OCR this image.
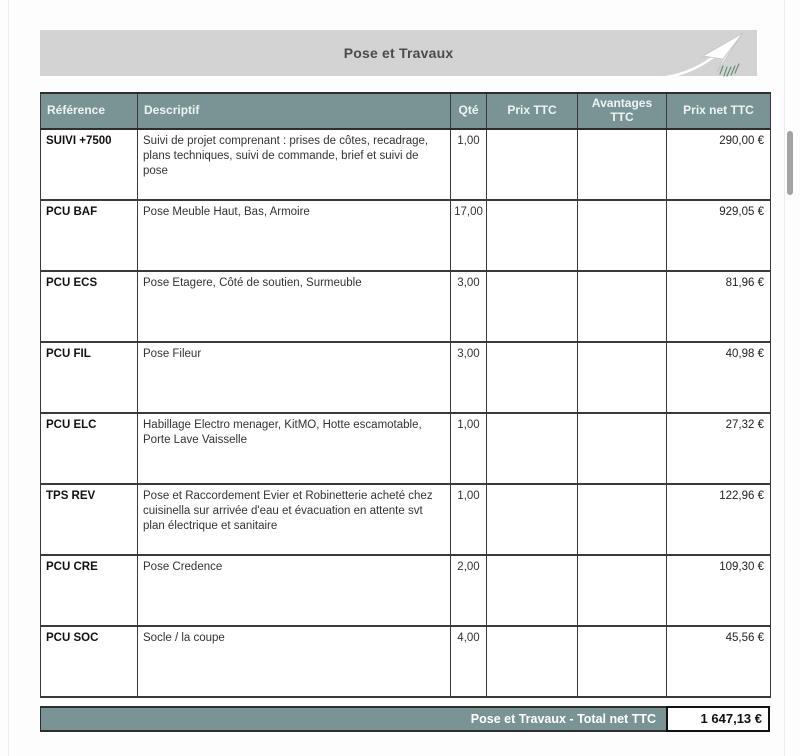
Pose et Travaux
Référence	Descriptif	Qté	Prix TTC	Avantages TTC	Prix net TTC
SUIVI +7500	Suivi de projet comprenant : prises de côtes, recadrage, plans techniques, suivi de commande, brief et suivi de pose	1,00			290,00 €
PCU BAF	Pose Meuble Haut, Bas, Armoire	17,00			929,05 €
PCU ECS	Pose Etagere, Côté de soutien, Surmeuble	3,00			81,96 €
PCU FIL	Pose Fileur	3,00			40,98 €
PCU ELC	Habillage Electro menager, KitMO, Hotte escamotable, Porte Lave Vaisselle	1,00			27,32 €
TPS REV	Pose et Raccordement Evier et Robinetterie acheté chez cuisinella sur arrivée d'eau et évacuation en attente svt plan électrique et sanitaire	1,00			122,96 €
PCU CRE	Pose Credence	2,00			109,30 €
PCU SOC	Socle / la coupe	4,00			45,56 €
Pose et Travaux - Total net TTC	1 647,13 €
